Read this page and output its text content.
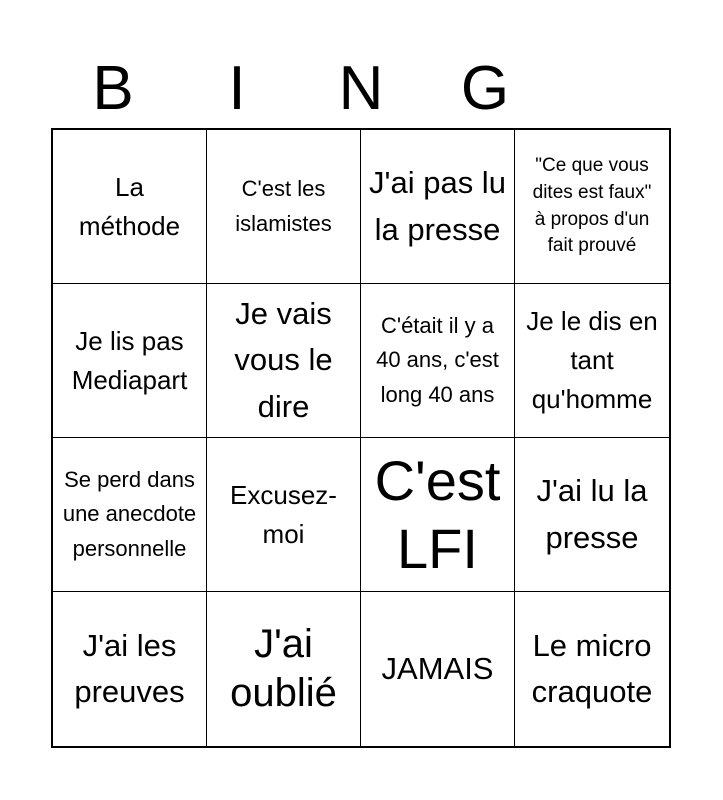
B	I	N	G
La méthode
C'est les islamistes
J'ai pas lu la presse
"Ce que vous dites est faux" à propos d'un fait prouvé
Je lis pas Mediapart
Je vais vous le dire
C'était il y a 40 ans, c'est long 40 ans
Je le dis en tant qu'homme
Se perd dans une anecdote personnelle
Excusez-moi
C'est LFI
J'ai lu la presse
J'ai les preuves
J'ai oublié
JAMAIS
Le micro craquote
